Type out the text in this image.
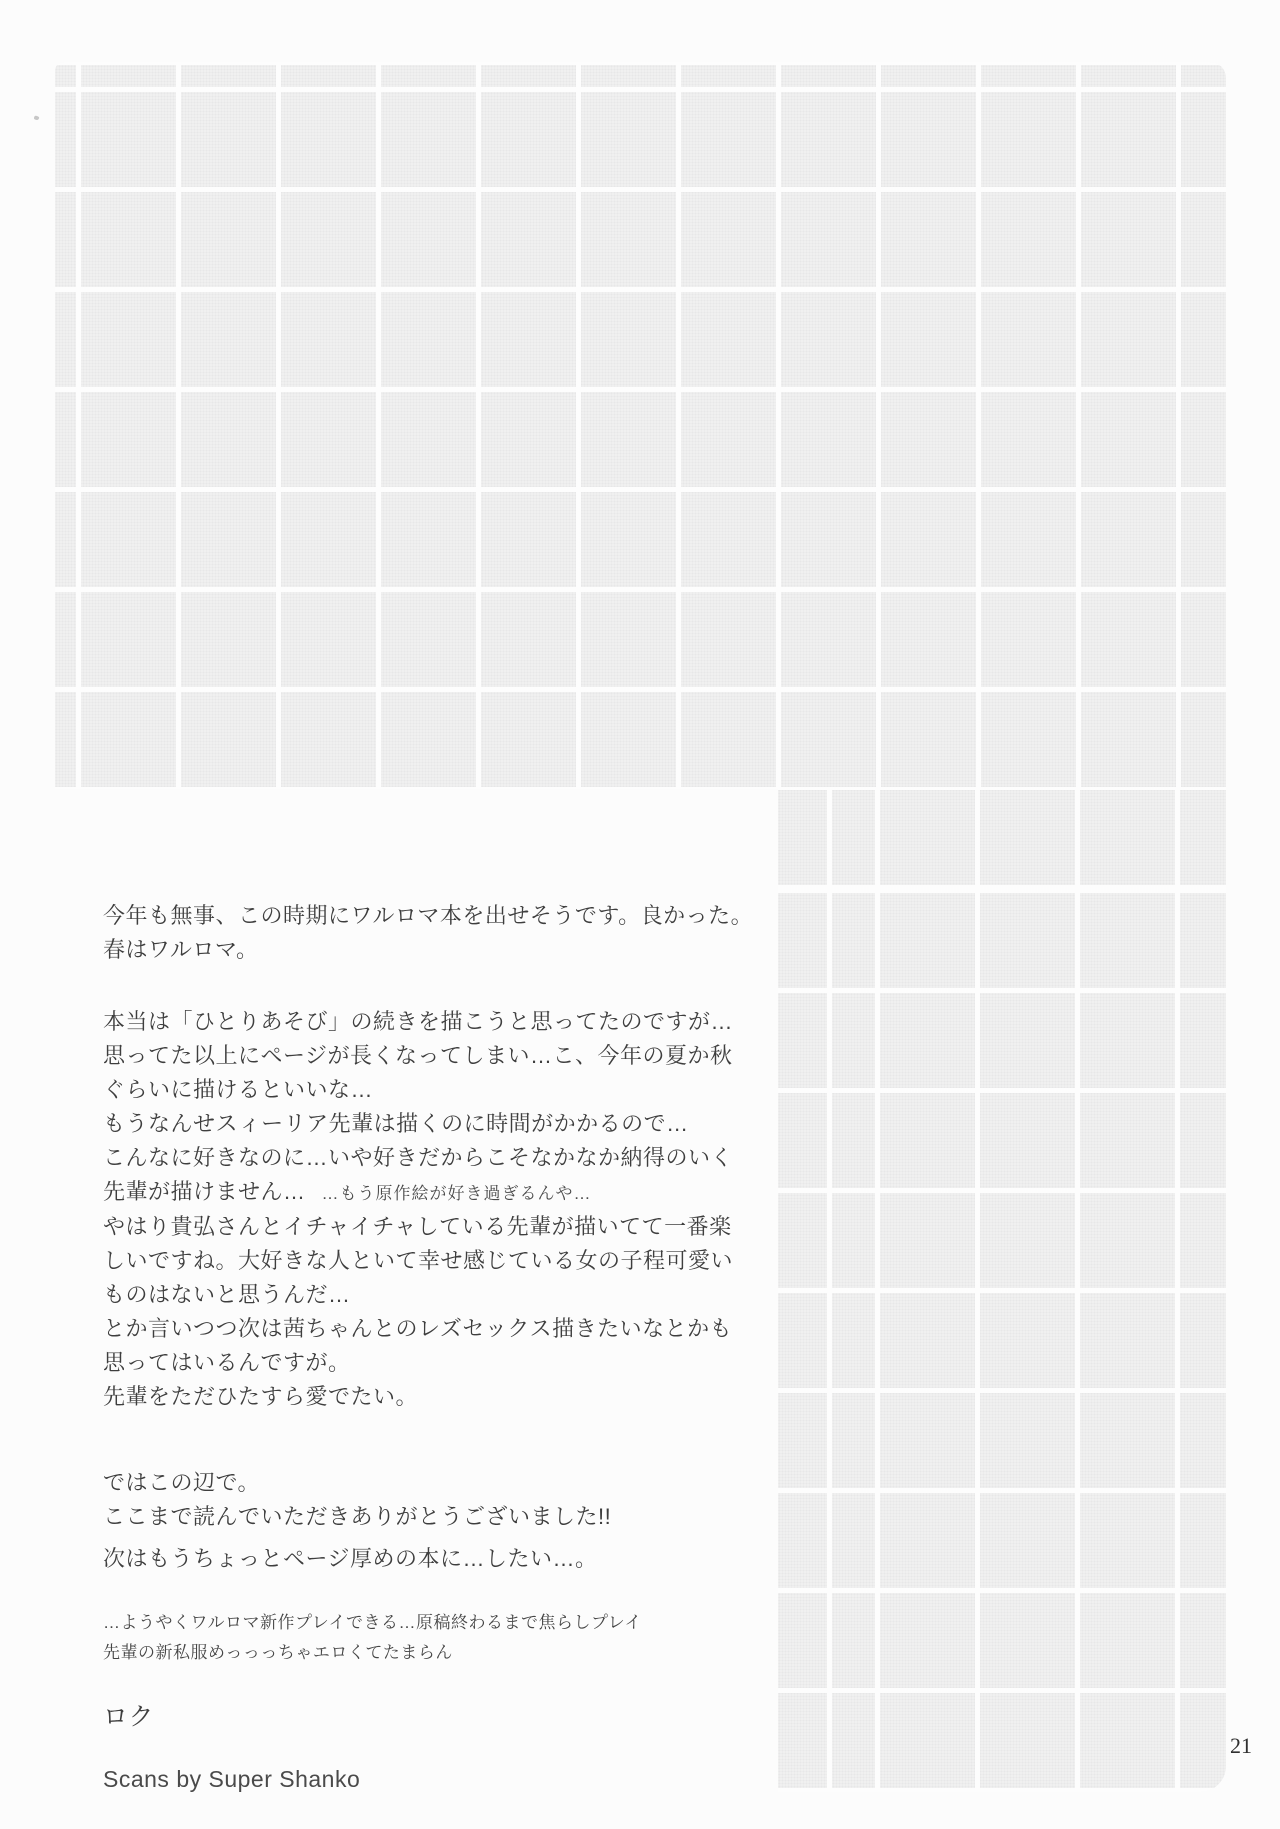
今年も無事、この時期にワルロマ本を出せそうです。良かった。
春はワルロマ。
本当は「ひとりあそび」の続きを描こうと思ってたのですが…
思ってた以上にページが長くなってしまい…こ、今年の夏か秋
ぐらいに描けるといいな…
もうなんせスィーリア先輩は描くのに時間がかかるので…
こんなに好きなのに…いや好きだからこそなかなか納得のいく
先輩が描けません… …もう原作絵が好き過ぎるんや…
やはり貴弘さんとイチャイチャしている先輩が描いてて一番楽
しいですね。大好きな人といて幸せ感じている女の子程可愛い
ものはないと思うんだ…
とか言いつつ次は茜ちゃんとのレズセックス描きたいなとかも
思ってはいるんですが。
先輩をただひたすら愛でたい。
ではこの辺で。
ここまで読んでいただきありがとうございました!!
次はもうちょっとページ厚めの本に…したい…。
…ようやくワルロマ新作プレイできる…原稿終わるまで焦らしプレイ
先輩の新私服めっっっちゃエロくてたまらん
ロク
Scans by Super Shanko
21
